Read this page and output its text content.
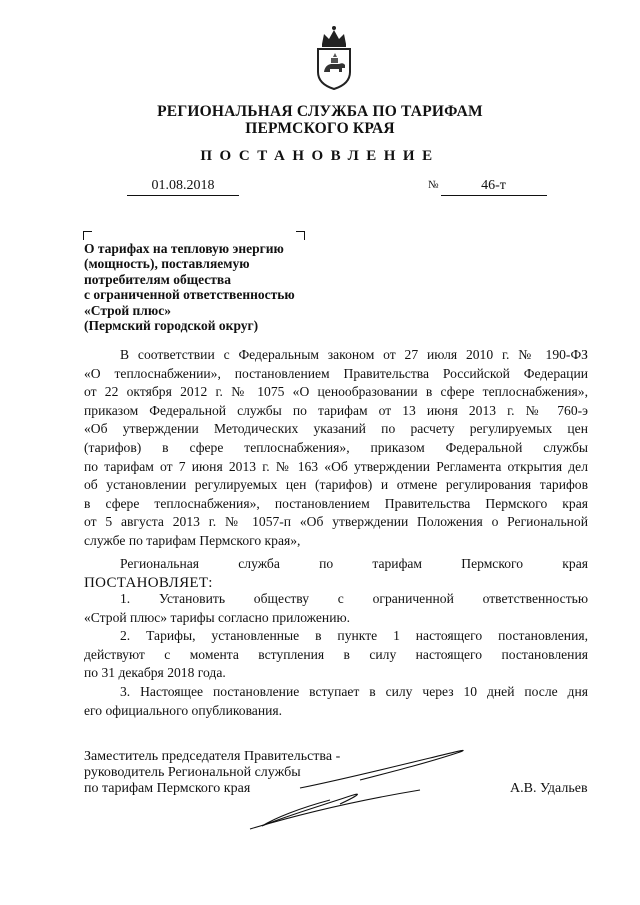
РЕГИОНАЛЬНАЯ СЛУЖБА ПО ТАРИФАМ
ПЕРМСКОГО КРАЯ
ПОСТАНОВЛЕНИЕ
01.08.2018	№	46-т
О тарифах на тепловую энергию
(мощность), поставляемую
потребителям общества
с ограниченной ответственностью
«Строй плюс»
(Пермский городской округ)
В соответствии с Федеральным законом от 27 июля 2010 г. № 190-ФЗ
«О теплоснабжении», постановлением Правительства Российской Федерации
от 22 октября 2012 г. № 1075 «О ценообразовании в сфере теплоснабжения»,
приказом Федеральной службы по тарифам от 13 июня 2013 г. № 760-э
«Об утверждении Методических указаний по расчету регулируемых цен
(тарифов) в сфере теплоснабжения», приказом Федеральной службы
по тарифам от 7 июня 2013 г. № 163 «Об утверждении Регламента открытия дел
об установлении регулируемых цен (тарифов) и отмене регулирования тарифов
в сфере теплоснабжения», постановлением Правительства Пермского края
от 5 августа 2013 г. № 1057-п «Об утверждении Положения о Региональной
службе по тарифам Пермского края»,
Региональная служба по тарифам Пермского края
ПОСТАНОВЛЯЕТ:
1. Установить обществу с ограниченной ответственностью
«Строй плюс» тарифы согласно приложению.
2. Тарифы, установленные в пункте 1 настоящего постановления,
действуют с момента вступления в силу настоящего постановления
по 31 декабря 2018 года.
3. Настоящее постановление вступает в силу через 10 дней после дня
его официального опубликования.
Заместитель председателя Правительства -
руководитель Региональной службы
по тарифам Пермского края	А.В. Удальев
